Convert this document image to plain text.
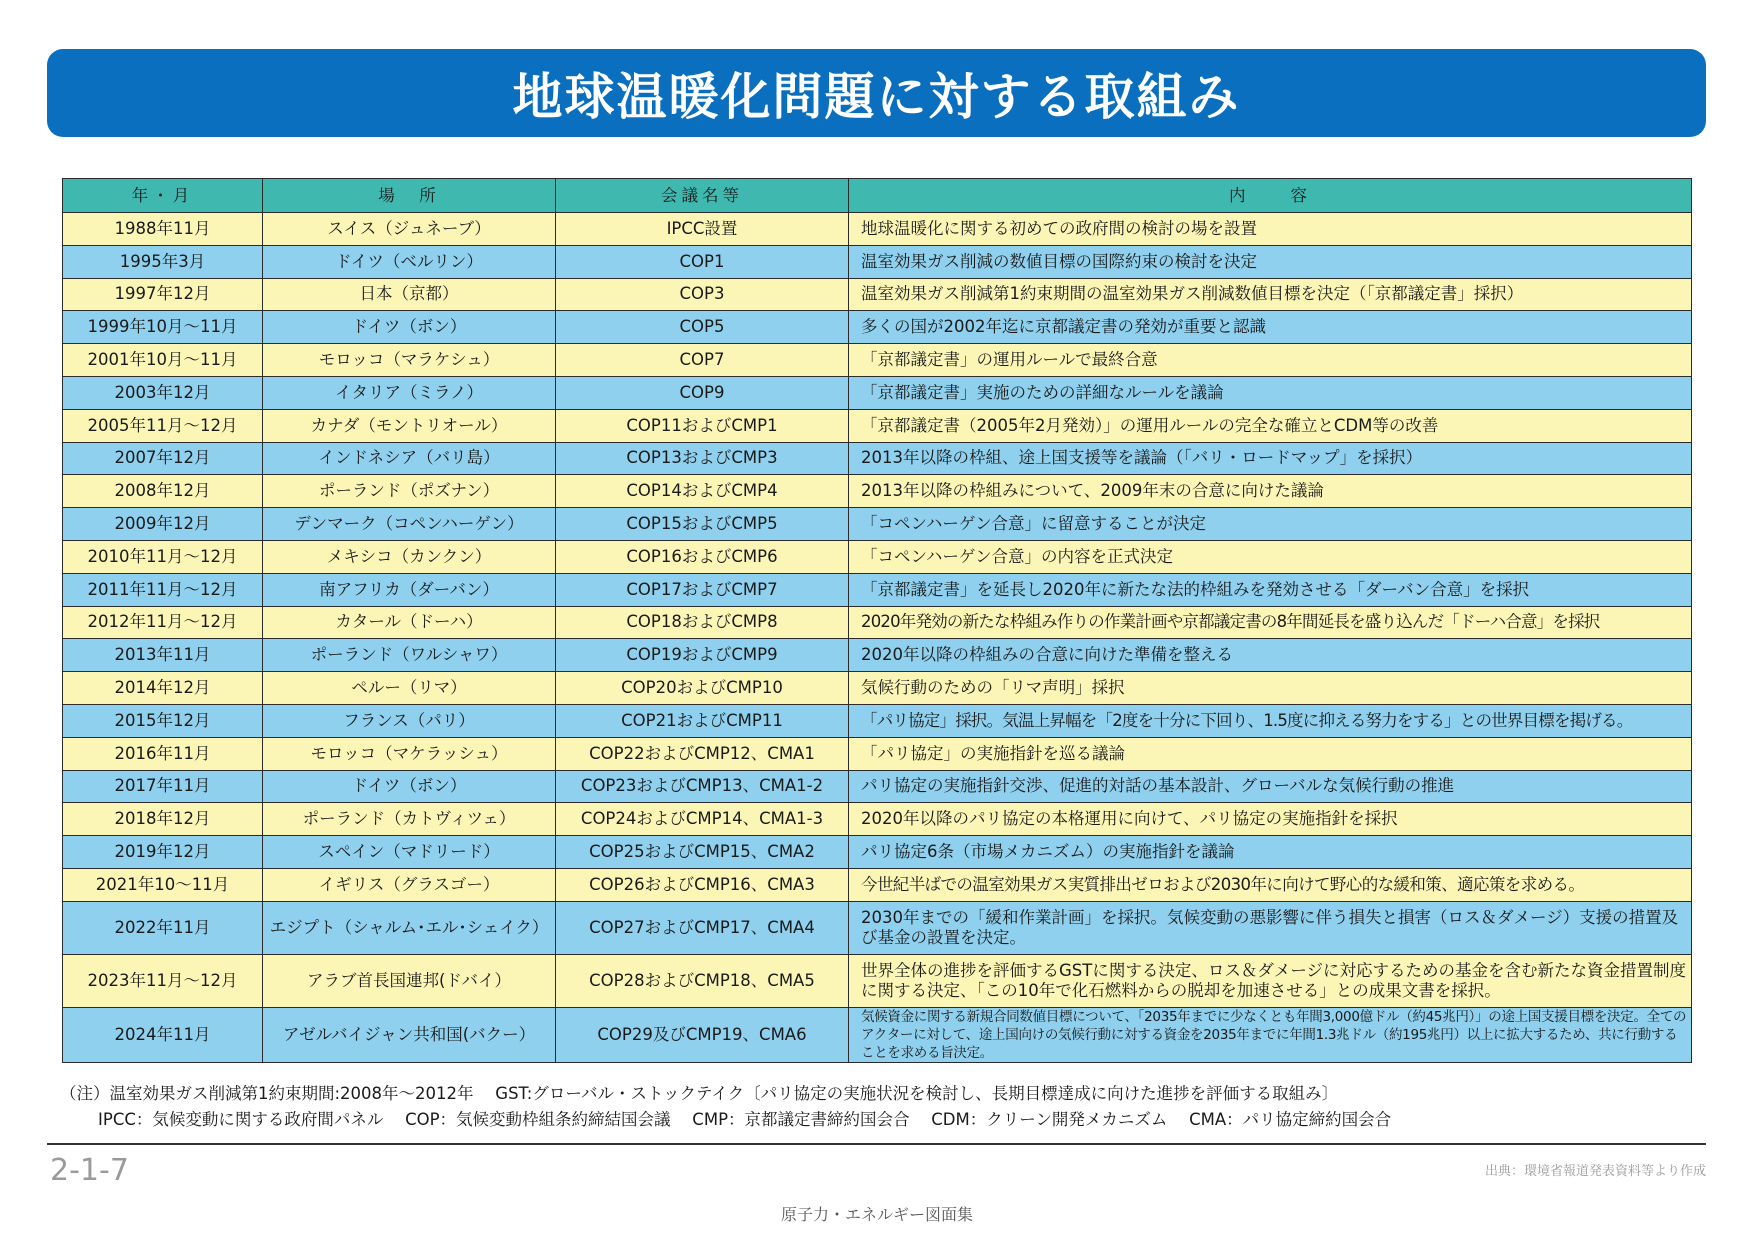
地球温暖化問題に対する取組み
年・月	場　所	会議名等	内　　容
1988年11月	スイス（ジュネーブ）	IPCC設置	地球温暖化に関する初めての政府間の検討の場を設置
1995年3月	ドイツ（ベルリン）	COP1	温室効果ガス削減の数値目標の国際約束の検討を決定
1997年12月	日本（京都）	COP3	温室効果ガス削減第1約束期間の温室効果ガス削減数値目標を決定（「京都議定書」採択）
1999年10月～11月	ドイツ（ボン）	COP5	多くの国が2002年迄に京都議定書の発効が重要と認識
2001年10月～11月	モロッコ（マラケシュ）	COP7	「京都議定書」の運用ルールで最終合意
2003年12月	イタリア（ミラノ）	COP9	「京都議定書」実施のための詳細なルールを議論
2005年11月～12月	カナダ（モントリオール）	COP11およびCMP1	「京都議定書（2005年2月発効）」の運用ルールの完全な確立とCDM等の改善
2007年12月	インドネシア（バリ島）	COP13およびCMP3	2013年以降の枠組、途上国支援等を議論（「バリ・ロードマップ」を採択）
2008年12月	ポーランド（ポズナン）	COP14およびCMP4	2013年以降の枠組みについて、2009年末の合意に向けた議論
2009年12月	デンマーク（コペンハーゲン）	COP15およびCMP5	「コペンハーゲン合意」に留意することが決定
2010年11月～12月	メキシコ（カンクン）	COP16およびCMP6	「コペンハーゲン合意」の内容を正式決定
2011年11月～12月	南アフリカ（ダーバン）	COP17およびCMP7	「京都議定書」を延長し2020年に新たな法的枠組みを発効させる「ダーバン合意」を採択
2012年11月～12月	カタール（ドーハ）	COP18およびCMP8	2020年発効の新たな枠組み作りの作業計画や京都議定書の8年間延長を盛り込んだ「ドーハ合意」を採択
2013年11月	ポーランド（ワルシャワ）	COP19およびCMP9	2020年以降の枠組みの合意に向けた準備を整える
2014年12月	ペルー（リマ）	COP20およびCMP10	気候行動のための「リマ声明」採択
2015年12月	フランス（パリ）	COP21およびCMP11	「パリ協定」採択。気温上昇幅を「2度を十分に下回り、1.5度に抑える努力をする」との世界目標を掲げる。
2016年11月	モロッコ（マケラッシュ）	COP22およびCMP12、CMA1	「パリ協定」の実施指針を巡る議論
2017年11月	ドイツ（ボン）	COP23およびCMP13、CMA1-2	パリ協定の実施指針交渉、促進的対話の基本設計、グローバルな気候行動の推進
2018年12月	ポーランド（カトヴィツェ）	COP24およびCMP14、CMA1-3	2020年以降のパリ協定の本格運用に向けて、パリ協定の実施指針を採択
2019年12月	スペイン（マドリード）	COP25およびCMP15、CMA2	パリ協定6条（市場メカニズム）の実施指針を議論
2021年10～11月	イギリス（グラスゴー）	COP26およびCMP16、CMA3	今世紀半ばでの温室効果ガス実質排出ゼロおよび2030年に向けて野心的な緩和策、適応策を求める。
2022年11月	エジプト（シャルム･エル･シェイク）	COP27およびCMP17、CMA4	2030年までの「緩和作業計画」を採択。気候変動の悪影響に伴う損失と損害（ロス＆ダメージ）支援の措置及び基金の設置を決定。
2023年11月～12月	アラブ首長国連邦(ドバイ）	COP28およびCMP18、CMA5	世界全体の進捗を評価するGSTに関する決定、ロス＆ダメージに対応するための基金を含む新たな資金措置制度に関する決定、「この10年で化石燃料からの脱却を加速させる」との成果文書を採択。
2024年11月	アゼルバイジャン共和国(バクー）	COP29及びCMP19、CMA6	気候資金に関する新規合同数値目標について、「2035年までに少なくとも年間3,000億ドル（約45兆円）」の途上国支援目標を決定。全てのアクターに対して、途上国向けの気候行動に対する資金を2035年までに年間1.3兆ドル（約195兆円）以上に拡大するため、共に行動することを求める旨決定。
（注）温室効果ガス削減第1約束期間:2008年～2012年　 GST:グローバル・ストックテイク〔パリ協定の実施状況を検討し、長期目標達成に向けた進捗を評価する取組み〕
IPCC：気候変動に関する政府間パネル　 COP：気候変動枠組条約締結国会議　 CMP：京都議定書締約国会合　 CDM：クリーン開発メカニズム　 CMA：パリ協定締約国会合
2-1-7	出典：環境省報道発表資料等より作成
原子力・エネルギー図面集
